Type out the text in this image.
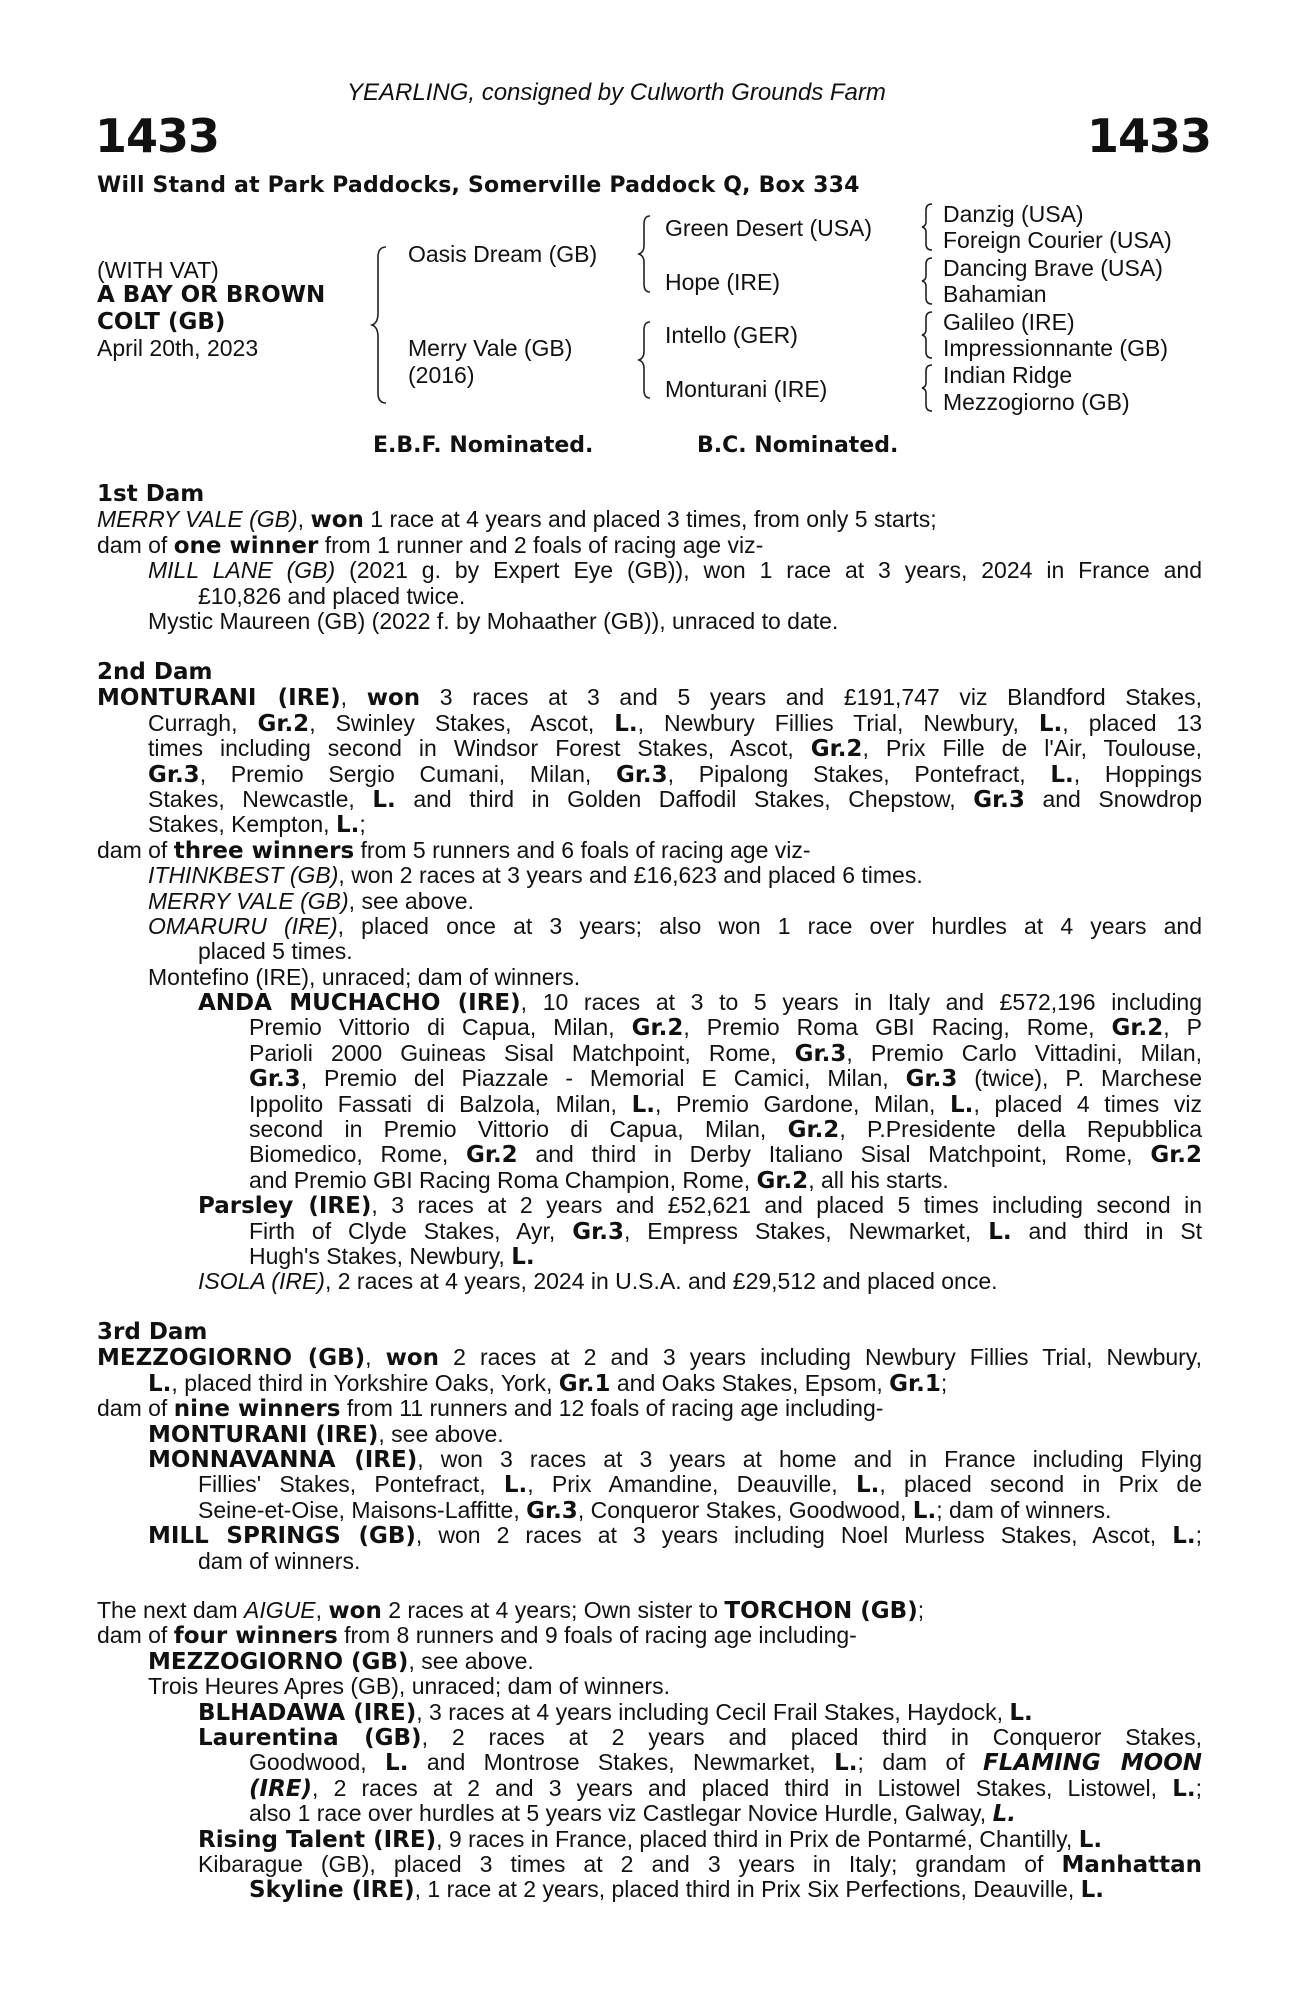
YEARLING, consigned by Culworth Grounds Farm
1433	1433
Will Stand at Park Paddocks, Somerville Paddock Q, Box 334
(WITH VAT)
A BAY OR BROWN
COLT (GB)
April 20th, 2023
Oasis Dream (GB)
Merry Vale (GB)
(2016)
Green Desert (USA)
Hope (IRE)
Intello (GER)
Monturani (IRE)
Danzig (USA)
Foreign Courier (USA)
Dancing Brave (USA)
Bahamian
Galileo (IRE)
Impressionnante (GB)
Indian Ridge
Mezzogiorno (GB)
E.B.F. Nominated.	B.C. Nominated.
1st Dam
MERRY VALE (GB), won 1 race at 4 years and placed 3 times, from only 5 starts;
dam of one winner from 1 runner and 2 foals of racing age viz-
MILL LANE (GB) (2021 g. by Expert Eye (GB)), won 1 race at 3 years, 2024 in France and
£10,826 and placed twice.
Mystic Maureen (GB) (2022 f. by Mohaather (GB)), unraced to date.
2nd Dam
MONTURANI (IRE), won 3 races at 3 and 5 years and £191,747 viz Blandford Stakes,
Curragh, Gr.2, Swinley Stakes, Ascot, L., Newbury Fillies Trial, Newbury, L., placed 13
times including second in Windsor Forest Stakes, Ascot, Gr.2, Prix Fille de l'Air, Toulouse,
Gr.3, Premio Sergio Cumani, Milan, Gr.3, Pipalong Stakes, Pontefract, L., Hoppings
Stakes, Newcastle, L. and third in Golden Daffodil Stakes, Chepstow, Gr.3 and Snowdrop
Stakes, Kempton, L.;
dam of three winners from 5 runners and 6 foals of racing age viz-
ITHINKBEST (GB), won 2 races at 3 years and £16,623 and placed 6 times.
MERRY VALE (GB), see above.
OMARURU (IRE), placed once at 3 years; also won 1 race over hurdles at 4 years and
placed 5 times.
Montefino (IRE), unraced; dam of winners.
ANDA MUCHACHO (IRE), 10 races at 3 to 5 years in Italy and £572,196 including
Premio Vittorio di Capua, Milan, Gr.2, Premio Roma GBI Racing, Rome, Gr.2, P
Parioli 2000 Guineas Sisal Matchpoint, Rome, Gr.3, Premio Carlo Vittadini, Milan,
Gr.3, Premio del Piazzale - Memorial E Camici, Milan, Gr.3 (twice), P. Marchese
Ippolito Fassati di Balzola, Milan, L., Premio Gardone, Milan, L., placed 4 times viz
second in Premio Vittorio di Capua, Milan, Gr.2, P.Presidente della Repubblica
Biomedico, Rome, Gr.2 and third in Derby Italiano Sisal Matchpoint, Rome, Gr.2
and Premio GBI Racing Roma Champion, Rome, Gr.2, all his starts.
Parsley (IRE), 3 races at 2 years and £52,621 and placed 5 times including second in
Firth of Clyde Stakes, Ayr, Gr.3, Empress Stakes, Newmarket, L. and third in St
Hugh's Stakes, Newbury, L.
ISOLA (IRE), 2 races at 4 years, 2024 in U.S.A. and £29,512 and placed once.
3rd Dam
MEZZOGIORNO (GB), won 2 races at 2 and 3 years including Newbury Fillies Trial, Newbury,
L., placed third in Yorkshire Oaks, York, Gr.1 and Oaks Stakes, Epsom, Gr.1;
dam of nine winners from 11 runners and 12 foals of racing age including-
MONTURANI (IRE), see above.
MONNAVANNA (IRE), won 3 races at 3 years at home and in France including Flying
Fillies' Stakes, Pontefract, L., Prix Amandine, Deauville, L., placed second in Prix de
Seine-et-Oise, Maisons-Laffitte, Gr.3, Conqueror Stakes, Goodwood, L.; dam of winners.
MILL SPRINGS (GB), won 2 races at 3 years including Noel Murless Stakes, Ascot, L.;
dam of winners.
The next dam AIGUE, won 2 races at 4 years; Own sister to TORCHON (GB);
dam of four winners from 8 runners and 9 foals of racing age including-
MEZZOGIORNO (GB), see above.
Trois Heures Apres (GB), unraced; dam of winners.
BLHADAWA (IRE), 3 races at 4 years including Cecil Frail Stakes, Haydock, L.
Laurentina (GB), 2 races at 2 years and placed third in Conqueror Stakes,
Goodwood, L. and Montrose Stakes, Newmarket, L.; dam of FLAMING MOON
(IRE), 2 races at 2 and 3 years and placed third in Listowel Stakes, Listowel, L.;
also 1 race over hurdles at 5 years viz Castlegar Novice Hurdle, Galway, L.
Rising Talent (IRE), 9 races in France, placed third in Prix de Pontarmé, Chantilly, L.
Kibarague (GB), placed 3 times at 2 and 3 years in Italy; grandam of Manhattan
Skyline (IRE), 1 race at 2 years, placed third in Prix Six Perfections, Deauville, L.
